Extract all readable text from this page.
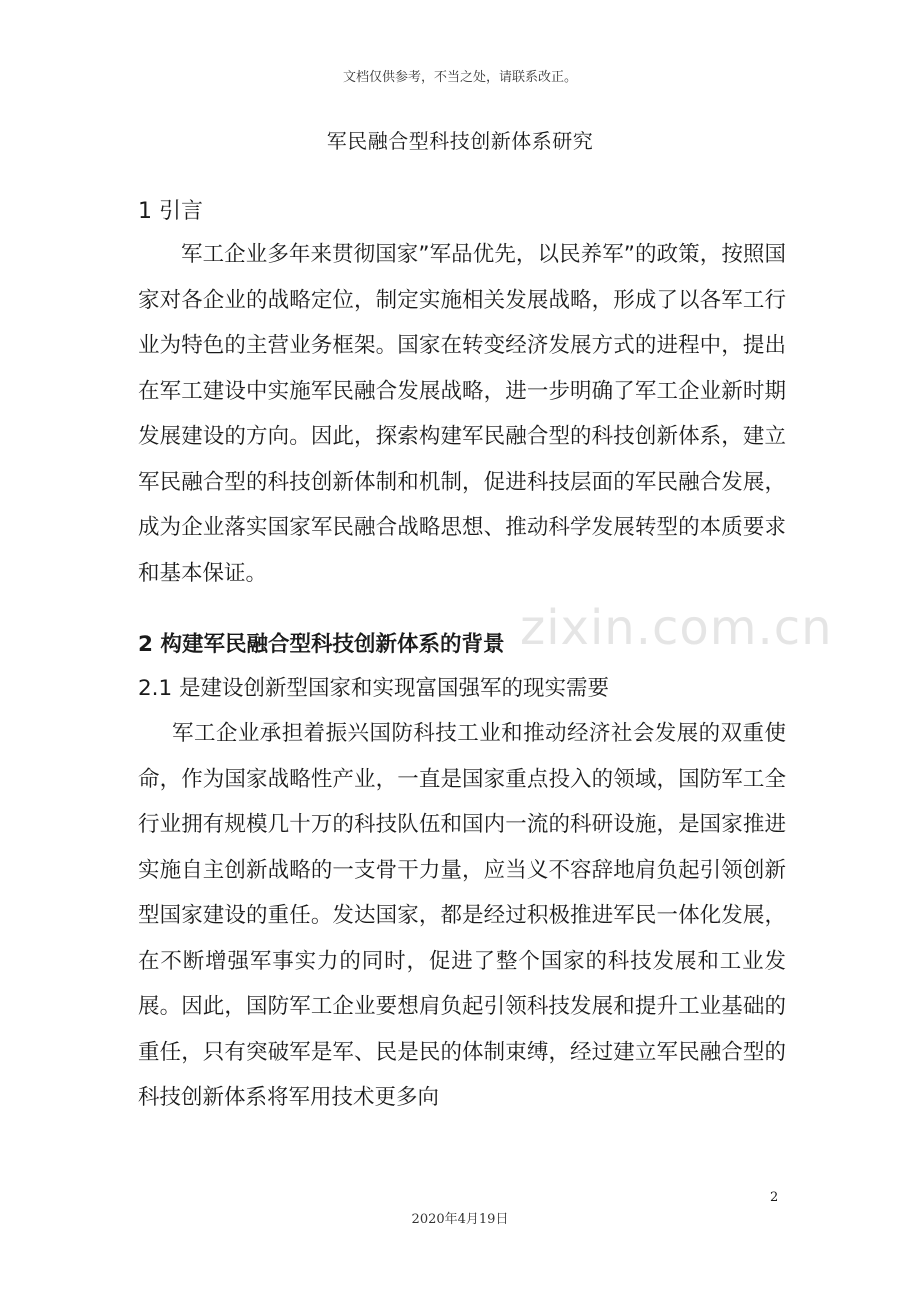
文档仅供参考，不当之处，请联系改正。
军民融合型科技创新体系研究

1 引言

军工企业多年来贯彻国家”军品优先，以民养军”的政策，按照国家对各企业的战略定位，制定实施相关发展战略，形成了以各军工行业为特色的主营业务框架。国家在转变经济发展方式的进程中，提出在军工建设中实施军民融合发展战略，进一步明确了军工企业新时期发展建设的方向。因此，探索构建军民融合型的科技创新体系，建立军民融合型的科技创新体制和机制，促进科技层面的军民融合发展，成为企业落实国家军民融合战略思想、推动科学发展转型的本质要求和基本保证。

2 构建军民融合型科技创新体系的背景

2.1 是建设创新型国家和实现富国强军的现实需要

军工企业承担着振兴国防科技工业和推动经济社会发展的双重使命，作为国家战略性产业，一直是国家重点投入的领域，国防军工全行业拥有规模几十万的科技队伍和国内一流的科研设施，是国家推进实施自主创新战略的一支骨干力量，应当义不容辞地肩负起引领创新型国家建设的重任。发达国家，都是经过积极推进军民一体化发展，在不断增强军事实力的同时，促进了整个国家的科技发展和工业发展。因此，国防军工企业要想肩负起引领科技发展和提升工业基础的重任，只有突破军是军、民是民的体制束缚，经过建立军民融合型的科技创新体系将军用技术更多向

zixin.com.cn
2
2020年4月19日
